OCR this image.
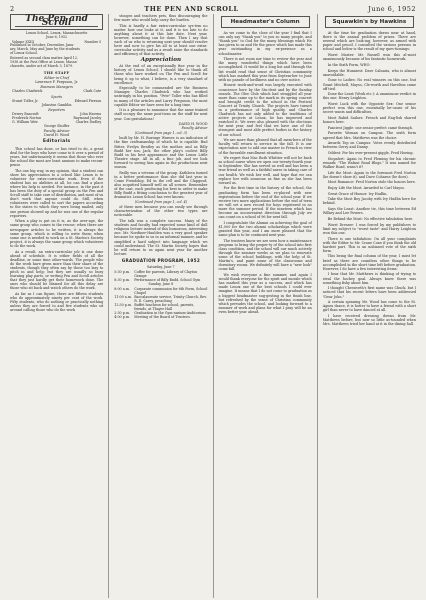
2	THE PEN AND SCROLL	June 6, 1952
The Pen and Scroll

Lenox School, Lenox, Massachusetts

June 6, 1952

Volume XXIII	Number 5

Published in October, December, Janu-

ary, March, May and June by the students

of Lenox School.

Entered as second class matter April 12,

1938 at the Post Office at Lenox, Massa-

chusetts, under act of March 3, 1879.

THE STAFF

Editor-in-Chief

Lawrence F. Ferguson, Jr.

Business Managers

Charles Chadwick	Clark Cate

Sports

Stuart Toller, Jr.	Edward Pierson

Johnston Gamblin

Reporters

Dewey Bancroft	John Havens
Frederick Norton	Raymond Jacoby
G. William Weir	Charles Dudley

George Shoffer

Faculty Advisor

David H. Wood

Editorials

This school has done, or has tried to do, a great deal for the boys who have come to it over a period of years, but unfortunately it seems that those who ever the school the most are least anxious to make recom-pense.

The one big way, in my opinion, that a student can show his appreciation to a school like Lenox is to volunteer for extra-curricular work. Even if the student has no abilities at all, he can find a place where his help is needed. For instance, in the past it has been the duty of a special group on the Pen and Scroll staff to take care of distribution, and most of us don't work that anyone could do. Still, when volunteers were called to sort the papers according to the states to which they were being mailed, only one person showed up and he was one of the regular reporters.

When a play is put on it is, as the aver-age, the same group who comes to the rescue; when there are newspaper articles to be written, it is always the same group, which is willing to write them; when some one is needed to work on a St. Martin's Society project, it is always the same group which volunteers to do the work.

As a result, an extra-curricular job is one done ahead of schedule. It is either fields of all the deadline, or some time other-wards. The people who do the work have given more than their share of the students, though they often say by those too lazy to pitch in and help; but they are usually so busy learning play parts, or writing Pen and Scroll articles that they just hardly get their homework done. The ones who should be blamed for all this delay are those who sit back and watch others do the work.

As far as I can figure, there are fifteen students who do approximately ninety per cent of the work. Fifty students, who do nothing or practically nothing unless they are forced to and five students who sit around calling those who do the work

stooges and teachers pets, thus discouraging the few more who would help carry the burden.

This is hardly a fair extra-curricular sys-tem no matter how one looks at it, and it is too late to do anything about it at this late date. Next year, however, something can be done. Then I say that each of us who is returning next year should resolve here and now to give his all to at least one extra-curricular activity and as a result raise the standards and efficiency of that activity.

Appreciation

At the end of an exceptionally fine year in the history of Lenox School, I should like to thank all those who have worked on The Pen and Scroll for bring it up to what, I believe, is a very standard of excellence.

Especially to be commended are the Business Manager, Charles Chadwick who has worked untiringly in his position. "Pete" Toller who has filled in many of the articles and Larry Ferguson, the most capable Editor we have seen for a long time.

It is a pleasure to announce that the same trained staff occupy the same posi-tions on the staff for next year. Con-gratulations!

DAVID H. WOOD

Faculty Advisor

(Continued from page 1, col. 3)

built by Mr. H. Burrage Warner, is an indication of the fine craftsmanship of which he is capable. Bud Ritter, Evelyn Bentley as the mother, and as Billy Budd her son, Jack, the other play's coolest Billy Budd in his best appearance and the Lenox Little Theatre stage. All in all, a fine job, and we look forward to seeing him again in the productions next season.

Reilly was a veteran of the group, Kathleen turned in a better performance than she did last year in Come Frendship. Ed in the cell and the Clapgood, also acquitted himself well on all scenes. Remember of the cast, each producing his best in order to make Billy Budd a fitting conclusion to the greatest year of dramatics Lenox School has ever known.

(Continued from page 1, col. 4)

of these men because you can easily see through characterization of the other two types are noticeable.

The talk was a complete success. Many of the students and faculty had expected some kind of dull religious lecture instead of this humorous, interesting one. Mr. Nordiner-Haulden was a very good speaker because he spoke to us in an informal manner, and he simplified a hard subject into language which we could understand. The St. Martin Society hopes that he will return to us again next year for another lecture.

GRADUATION PROGRAM, 1952

Saturday, June 7

5:30 p.m.	Coffee for parents, Library of Clayton Grange
8:30 p.m.	Performance of Billy Budd, School Gym

Sunday, June 8

8:00 a.m.	Corporate communion for 6th Form, School Chapel
11:00 a.m. Baccalaureate service, Trinity Church, Rev. R. E. Carey, preaching
12:30 p.m. Buffet luncheon for school, parents, friends, at Thayer Hall
2:30 p.m.	Graduation in the Gym-nasium-Auditorium
4:00 p.m.	Meeting of the Board of Trustees.
Headmaster's Column

As we come to the close of the year I find that I can only say "thank you" to you so many people, and "thank you" to God for the many blessings which He has given to us and He the grace which has made this year outstanding in my ex-perience as a schoolmaster.

There is not room nor time to review the year and the many wonderful things which have been accomplished. It would be a long list and through the list would read that sense of Christian community which has marked this year from Septem-ber to June with no parade of lordliness and no over notice.

Honest work-and-word was largely executed with conscience here by the Stu-dent and by the Sunday rounds. The Glee Club which had struggled all year more than came up to the mark in its spring concert and brought credit to the school in the Festival Concert at Trinity Church. The projects have turned in a performance of high quality, and Charles Chadwick has not only added to the traditions of active projects at Lenox, he has improved and enriched it. We were also pleased with the elections for next year, and feel that we have one of the strongest and most able prefect bodies in the history of our school.

We are more than pleased that all mem-bers of the faculty will return to service in the fall. It is our expectation now to add one master in French in view of the favorable enrollment situation.

We regret that Mac Ruth Whittier will not be back as school nurse when we open our twenty-fourth year in September. She has served us well and has been a true friend as well as a faithful nurse in taking care of our health. We wish her well, and hope that we can replace her with someone as fine as she has been toward us.

For the first time in the history of the school, the graduating form has been re-placed with new registrations before the end of the school year. If we receive two more applications before the end of term we will set a new record for boys registered in no more the summer period. If the nineteen which has become an inconvenient direction through July we can count on a school of 96 for next fall.

I congratulate the Alumni on achieving the goal of $1,000 for the two alumni scholarships which were granted this year, and I am more pleased that the same plan is to be continued next year.

The trustees know we are seen how a maintenance program to bring the proper-ty of the school into first class condition, and the school will our much actively through the summer weeks as we plan to renovate some of the school buildings, with the help of St. Martin's, and paint some of the classrooms and dormitory rooms. We definitely will have a "new look" come fall.

We wish everyone a fine summer, and again I would thank everyone for the spirit and morale which has marked this year as a success, and which has made Lenox one of the best schools I could ever imagine. It means that I do not come to graduation as a biggest headmaster sug-gesting in the finish line, but refreshed by the sense of Christian community which pervades the school, and looking forward to a summer of work and plans for what I pray will be an even better year ahead.

Squawkin's by Hawkins

At the time for graduation draws near at hand, there is the annual problem of prizes. There are several which are look-ing, however, as armed with paper and pencil. I consulted the various persons in school and below is the result of my ques-tionings:

Worst Master: Mr. Russell won this al-most unanimously because of his fantastic homework.

In the Sixth Form, WHO:

Keeps the Hunniest: Dave Calnaiss, who is almost unavoidable.

Gone to Ladies: No real winners on this one, but Grant Mitchell, Mayos, Cle-worth and Havelton came off tied.

Done the Least (Work etc.): A unanimous verdict in this one: Henry Leighton.

Worst Luck with the Opposite Sex: One senior prefect won this one, essentially be-cause of his secret wants and difficulties.

Most Rabid Sailors: French and Eng-lish shared honors here.

Fanciest Jiggle: one senior prefect came through.

Favorite Woman on Campus: The sixth form agreed that Mrs. Matthews was the choice.

Awards Top on Campus: Votes evenly distributed between Gerry and Danny.

Oddest: For his ever-present giggle, Fred Hoeing.

Stopalert: Again to Fred Fleming for his chronic remark: "The Walnut Road Blogs." It was named for Walker Road, wasn't it?

Life the Most: Again to the foremost Fred Norton (he doesn't show it), and Dave Coharne (he does).

Most Romance: Fred Norton stole the honors here.

Enjoy Life the Most: Awarded to Carl Mayos.

Great Grace of Humor: Ivy Hudlin.

Take the Most Boy Jacoby with Ivy Hudlin here for behind.

Says the Least: Another tie, this time between Ed Wilkey and Lee Powers.

Be Behind the Most: No effective tabulation here.

Worst Dresser: I was forced by my publishers to limit my subject to "worst taste" and Harry Leighton won this one.

There is one tabulation: On all your complaints with the Editor to Mr. Crane Cone if you think the old hardest part. This is an unbiased vote of the sixth form.

This being the final column of the year, I must let brief as there are countless other things to be accomplished in the short time left before graduation. However, I do have a few interesting items:

I hear that Mr. Matthews is thinking of trying to steal the hockey goal. Always knew there was something fishy about him.

I thought Chesworth's first name was Chuck, but I noticed that his recent letters have been addressed "Dear John."

A certain spinning Mr. Wood has come to the St. Agnes dance, it is hotter to have a friend with a short girl than never to have danced at all.

I have received dressing downs from Mr. Matthews before, but now so little as-tounded when Mrs. Matthews tried her hand at it in the dining hall.
